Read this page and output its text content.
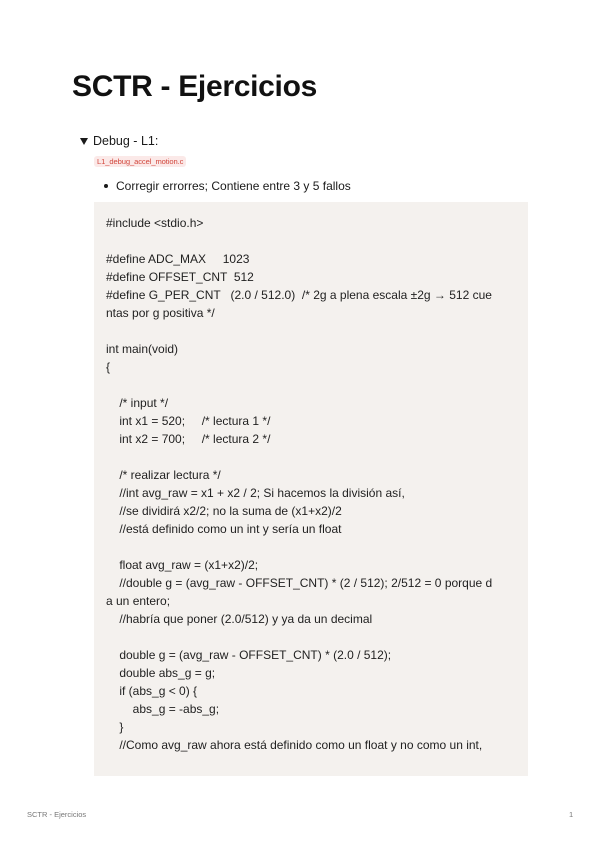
SCTR - Ejercicios
Debug - L1:
L1_debug_accel_motion.c
Corregir errorres; Contiene entre 3 y 5 fallos
#include <stdio.h>
#define ADC_MAX     1023
#define OFFSET_CNT  512
#define G_PER_CNT   (2.0 / 512.0)  /* 2g a plena escala ±2g → 512 cue
ntas por g positiva */
int main(void)
{
/* input */
int x1 = 520;     /* lectura 1 */
int x2 = 700;     /* lectura 2 */
/* realizar lectura */
//int avg_raw = x1 + x2 / 2; Si hacemos la división así,
//se dividirá x2/2; no la suma de (x1+x2)/2
//está definido como un int y sería un float
float avg_raw = (x1+x2)/2;
//double g = (avg_raw - OFFSET_CNT) * (2 / 512); 2/512 = 0 porque d
a un entero;
//habría que poner (2.0/512) y ya da un decimal
double g = (avg_raw - OFFSET_CNT) * (2.0 / 512);
double abs_g = g;
if (abs_g < 0) {
abs_g = -abs_g;
}
//Como avg_raw ahora está definido como un float y no como un int,
SCTR - Ejercicios	1
